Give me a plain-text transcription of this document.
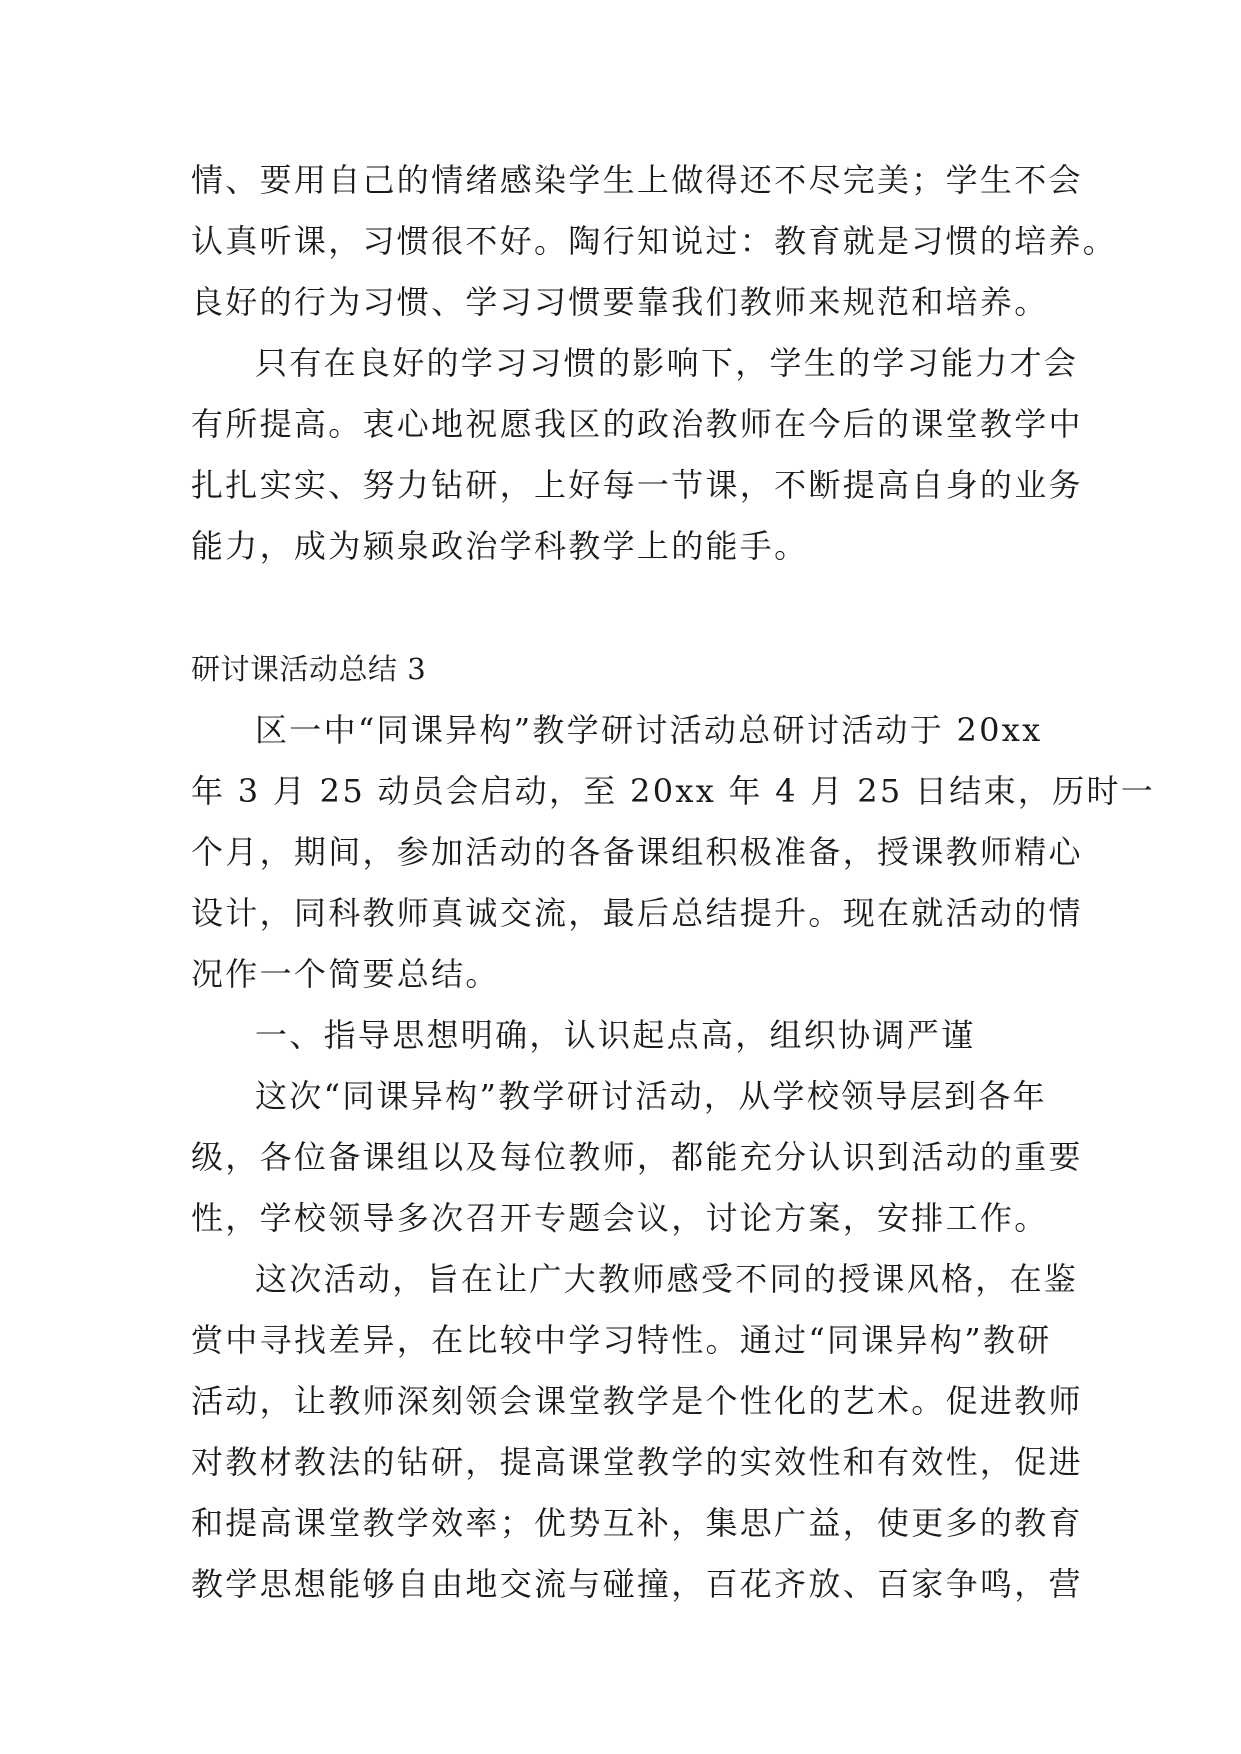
情、要用自己的情绪感染学生上做得还不尽完美；学生不会
认真听课，习惯很不好。陶行知说过：教育就是习惯的培养。
良好的行为习惯、学习习惯要靠我们教师来规范和培养。
只有在良好的学习习惯的影响下，学生的学习能力才会
有所提高。衷心地祝愿我区的政治教师在今后的课堂教学中
扎扎实实、努力钻研，上好每一节课，不断提高自身的业务
能力，成为颍泉政治学科教学上的能手。
研讨课活动总结 3
区一中“同课异构”教学研讨活动总研讨活动于 20xx
年 3 月 25 动员会启动，至 20xx 年 4 月 25 日结束，历时一
个月，期间，参加活动的各备课组积极准备，授课教师精心
设计，同科教师真诚交流，最后总结提升。现在就活动的情
况作一个简要总结。
一、指导思想明确，认识起点高，组织协调严谨
这次“同课异构”教学研讨活动，从学校领导层到各年
级，各位备课组以及每位教师，都能充分认识到活动的重要
性，学校领导多次召开专题会议，讨论方案，安排工作。
这次活动，旨在让广大教师感受不同的授课风格，在鉴
赏中寻找差异，在比较中学习特性。通过“同课异构”教研
活动，让教师深刻领会课堂教学是个性化的艺术。促进教师
对教材教法的钻研，提高课堂教学的实效性和有效性，促进
和提高课堂教学效率；优势互补，集思广益，使更多的教育
教学思想能够自由地交流与碰撞，百花齐放、百家争鸣，营
